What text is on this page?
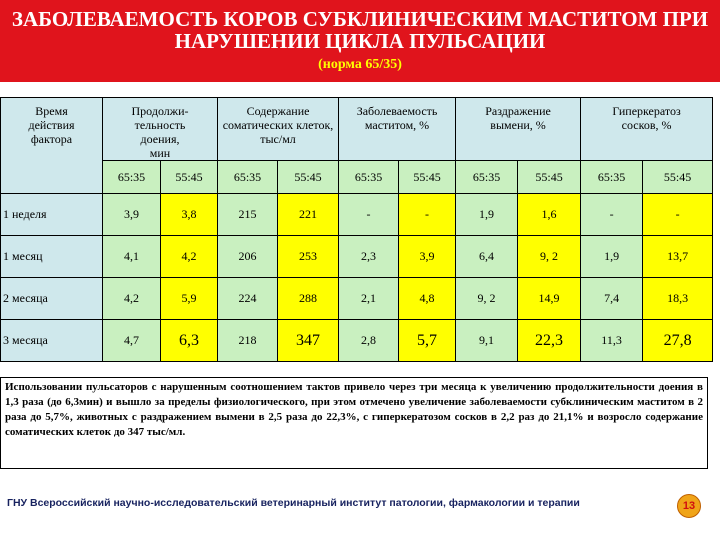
ЗАБОЛЕВАЕМОСТЬ КОРОВ СУБКЛИНИЧЕСКИМ МАСТИТОМ ПРИ
НАРУШЕНИИ ЦИКЛА ПУЛЬСАЦИИ
(норма 65/35)
Время действия фактора	Продолжи-тельность доения, мин		Содержание соматических клеток, тыс/мл		Заболеваемость маститом, %		Раздражение вымени, %		Гиперкератоз сосков, %	
	65:35	55:45	65:35	55:45	65:35	55:45	65:35	55:45	65:35	55:45
1 неделя	3,9	3,8	215	221	-	-	1,9	1,6	-	-
1 месяц	4,1	4,2	206	253	2,3	3,9	6,4	9, 2	1,9	13,7
2 месяца	4,2	5,9	224	288	2,1	4,8	9, 2	14,9	7,4	18,3
3 месяца	4,7	6,3	218	347	2,8	5,7	9,1	22,3	11,3	27,8
Использовании пульсаторов с нарушенным соотношением тактов привело через три месяца к увеличению продолжительности доения в 1,3 раза (до 6,3мин) и вышло за пределы физиологического, при этом отмечено увеличение заболеваемости субклиническим маститом в 2 раза до 5,7%, животных с раздражением вымени в 2,5 раза до 22,3%, с гиперкератозом сосков в 2,2 раз до 21,1% и возросло содержание соматических клеток до 347 тыс/мл.
ГНУ Всероссийский научно-исследовательский ветеринарный институт патологии, фармакологии и терапии	13
